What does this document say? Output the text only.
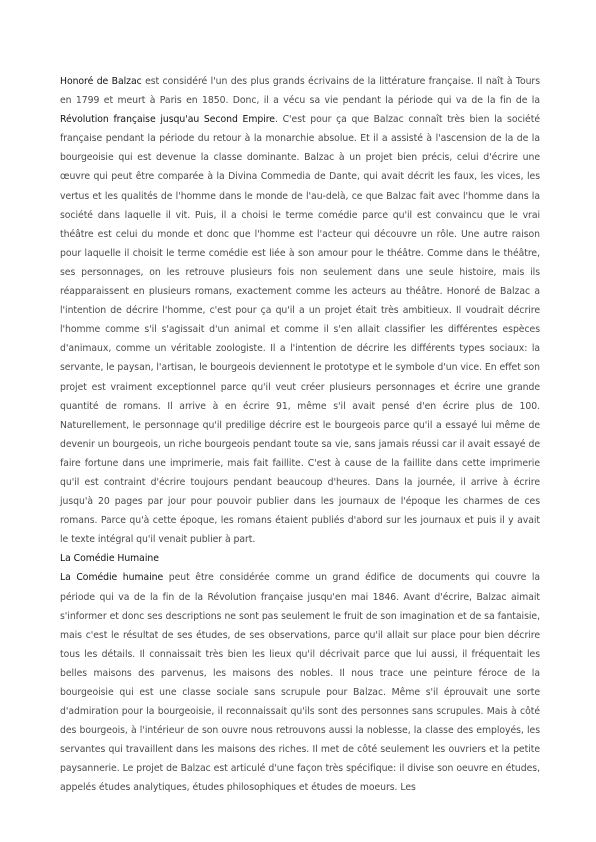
Honoré de Balzac est considéré l'un des plus grands écrivains de la littérature française. Il naît à Tours en 1799 et meurt à Paris en 1850. Donc, il a vécu sa vie pendant la période qui va de la fin de la Révolution française jusqu'au Second Empire. C'est pour ça que Balzac connaît très bien la société française pendant la période du retour à la monarchie absolue. Et il a assisté à l'ascension de la de la bourgeoisie qui est devenue la classe dominante. Balzac à un projet bien précis, celui d'écrire une œuvre qui peut être comparée à la Divina Commedia de Dante, qui avait décrit les faux, les vices, les vertus et les qualités de l'homme dans le monde de l'au-delà, ce que Balzac fait avec l'homme dans la société dans laquelle il vit. Puis, il a choisi le terme comédie parce qu'il est convaincu que le vrai théâtre est celui du monde et donc que l'homme est l'acteur qui découvre un rôle. Une autre raison pour laquelle il choisit le terme comédie est liée à son amour pour le théâtre. Comme dans le théâtre, ses personnages, on les retrouve plusieurs fois non seulement dans une seule histoire, mais ils réapparaissent en plusieurs romans, exactement comme les acteurs au théâtre. Honoré de Balzac a l'intention de décrire l'homme, c'est pour ça qu'il a un projet était très ambitieux. Il voudrait décrire l'homme comme s'il s'agissait d'un animal et comme il s'en allait classifier les différentes espèces d'animaux, comme un véritable zoologiste. Il a l'intention de décrire les différents types sociaux: la servante, le paysan, l'artisan, le bourgeois deviennent le prototype et le symbole d'un vice. En effet son projet est vraiment exceptionnel parce qu'il veut créer plusieurs personnages et écrire une grande quantité de romans. Il arrive à en écrire 91, même s'il avait pensé d'en écrire plus de 100. Naturellement, le personnage qu'il predilige décrire est le bourgeois parce qu'il a essayé lui même de devenir un bourgeois, un riche bourgeois pendant toute sa vie, sans jamais réussi car il avait essayé de faire fortune dans une imprimerie, mais fait faillite. C'est à cause de la faillite dans cette imprimerie qu'il est contraint d'écrire toujours pendant beaucoup d'heures. Dans la journée, il arrive à écrire jusqu'à 20 pages par jour pour pouvoir publier dans les journaux de l'époque les charmes de ces romans. Parce qu'à cette époque, les romans étaient publiés d'abord sur les journaux et puis il y avait le texte intégral qu'il venait publier à part.

La Comédie Humaine

La Comédie humaine peut être considérée comme un grand édifice de documents qui couvre la période qui va de la fin de la Révolution française jusqu'en mai 1846. Avant d'écrire, Balzac aimait s'informer et donc ses descriptions ne sont pas seulement le fruit de son imagination et de sa fantaisie, mais c'est le résultat de ses études, de ses observations, parce qu'il allait sur place pour bien décrire tous les détails. Il connaissait très bien les lieux qu'il décrivait parce que lui aussi, il fréquentait les belles maisons des parvenus, les maisons des nobles. Il nous trace une peinture féroce de la bourgeoisie qui est une classe sociale sans scrupule pour Balzac. Même s'il éprouvait une sorte d'admiration pour la bourgeoisie, il reconnaissait qu'ils sont des personnes sans scrupules. Mais à côté des bourgeois, à l'intérieur de son ouvre nous retrouvons aussi la noblesse, la classe des employés, les servantes qui travaillent dans les maisons des riches. Il met de côté seulement les ouvriers et la petite paysannerie. Le projet de Balzac est articulé d'une façon très spécifique: il divise son oeuvre en études, appelés études analytiques, études philosophiques et études de moeurs. Les
